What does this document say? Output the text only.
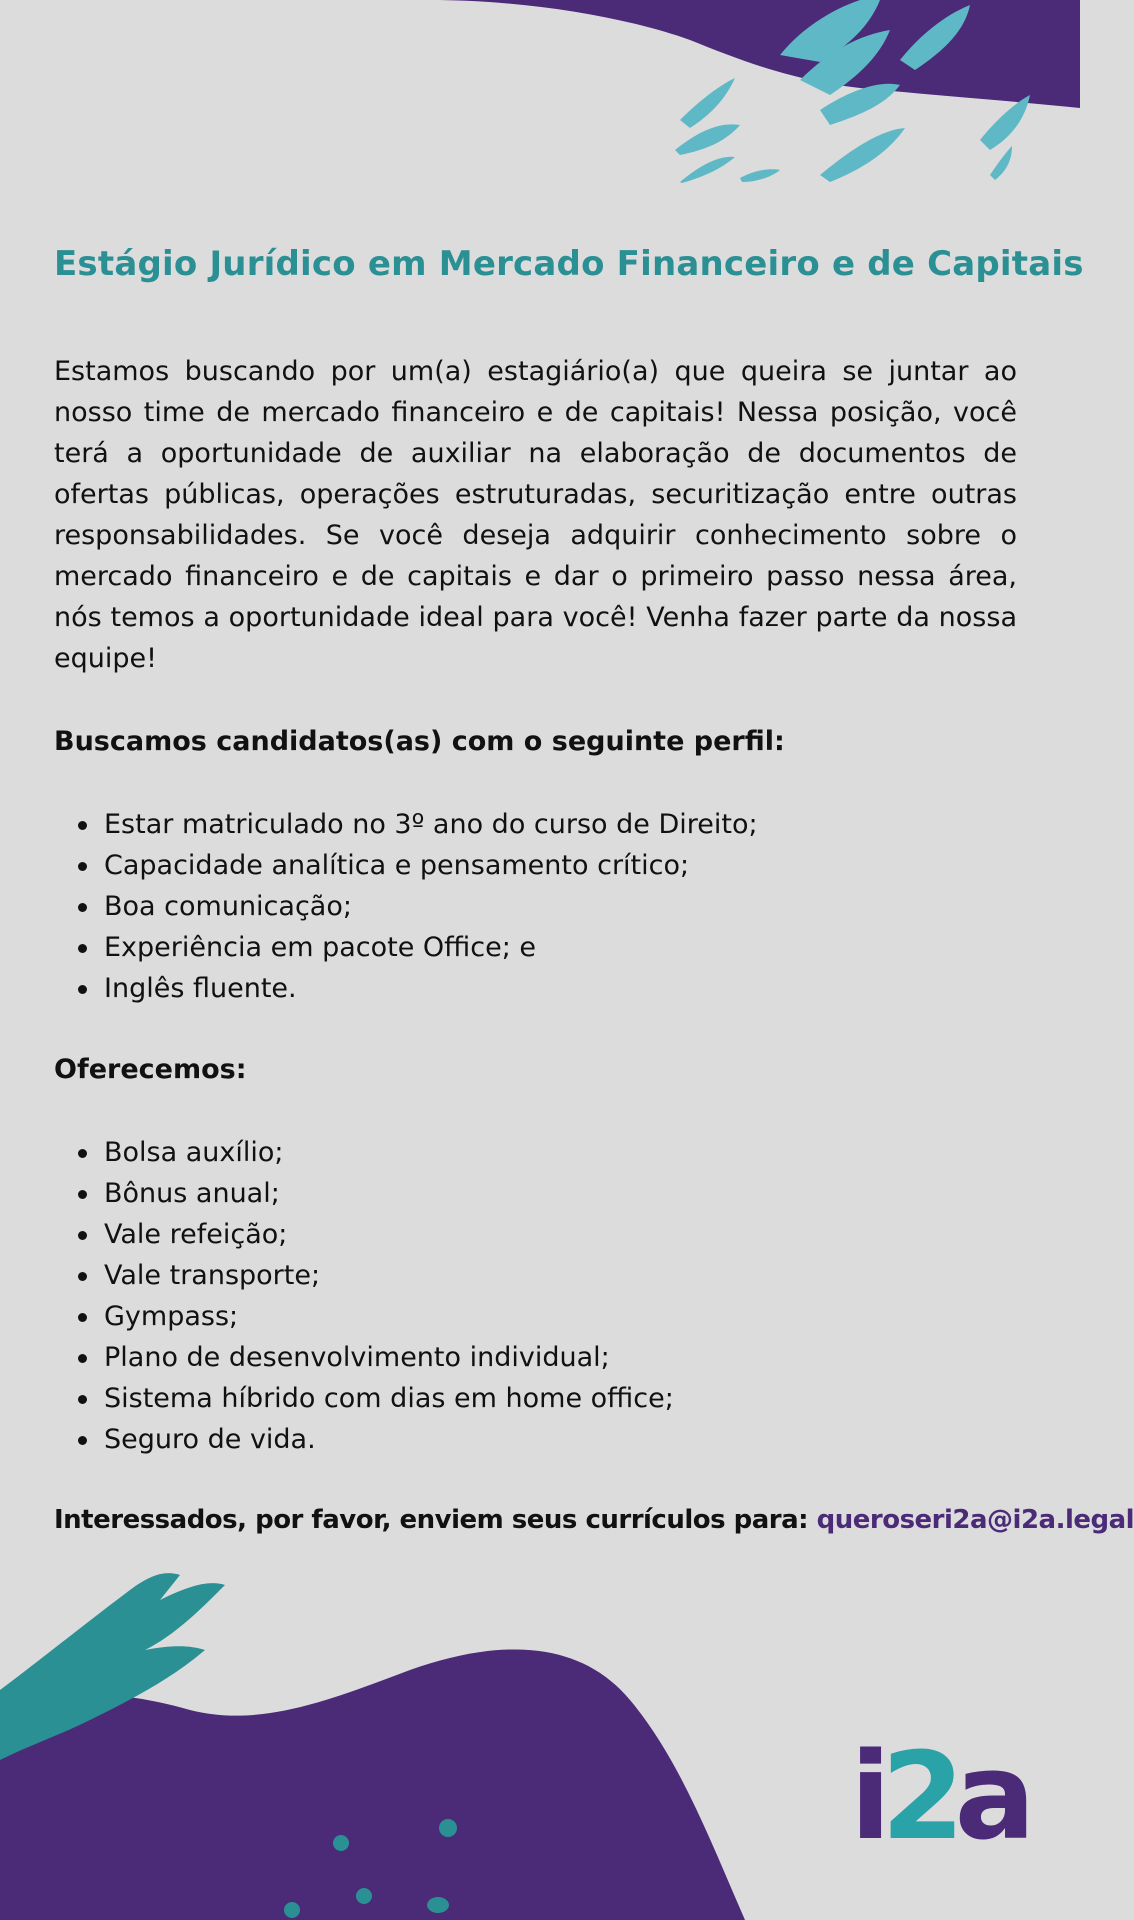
Estágio Jurídico em Mercado Financeiro e de Capitais

Estamos buscando por um(a) estagiário(a) que queira se juntar ao nosso time de mercado financeiro e de capitais! Nessa posição, você terá a oportunidade de auxiliar na elaboração de documentos de ofertas públicas, operações estruturadas, securitização entre outras responsabilidades. Se você deseja adquirir conhecimento sobre o mercado financeiro e de capitais e dar o primeiro passo nessa área, nós temos a oportunidade ideal para você! Venha fazer parte da nossa equipe!

Buscamos candidatos(as) com o seguinte perfil:

Estar matriculado no 3º ano do curso de Direito;
Capacidade analítica e pensamento crítico;
Boa comunicação;
Experiência em pacote Office; e
Inglês fluente.

Oferecemos:

Bolsa auxílio;
Bônus anual;
Vale refeição;
Vale transporte;
Gympass;
Plano de desenvolvimento individual;
Sistema híbrido com dias em home office;
Seguro de vida.
Interessados, por favor, enviem seus currículos para: queroseri2a@i2a.legal
i2a
